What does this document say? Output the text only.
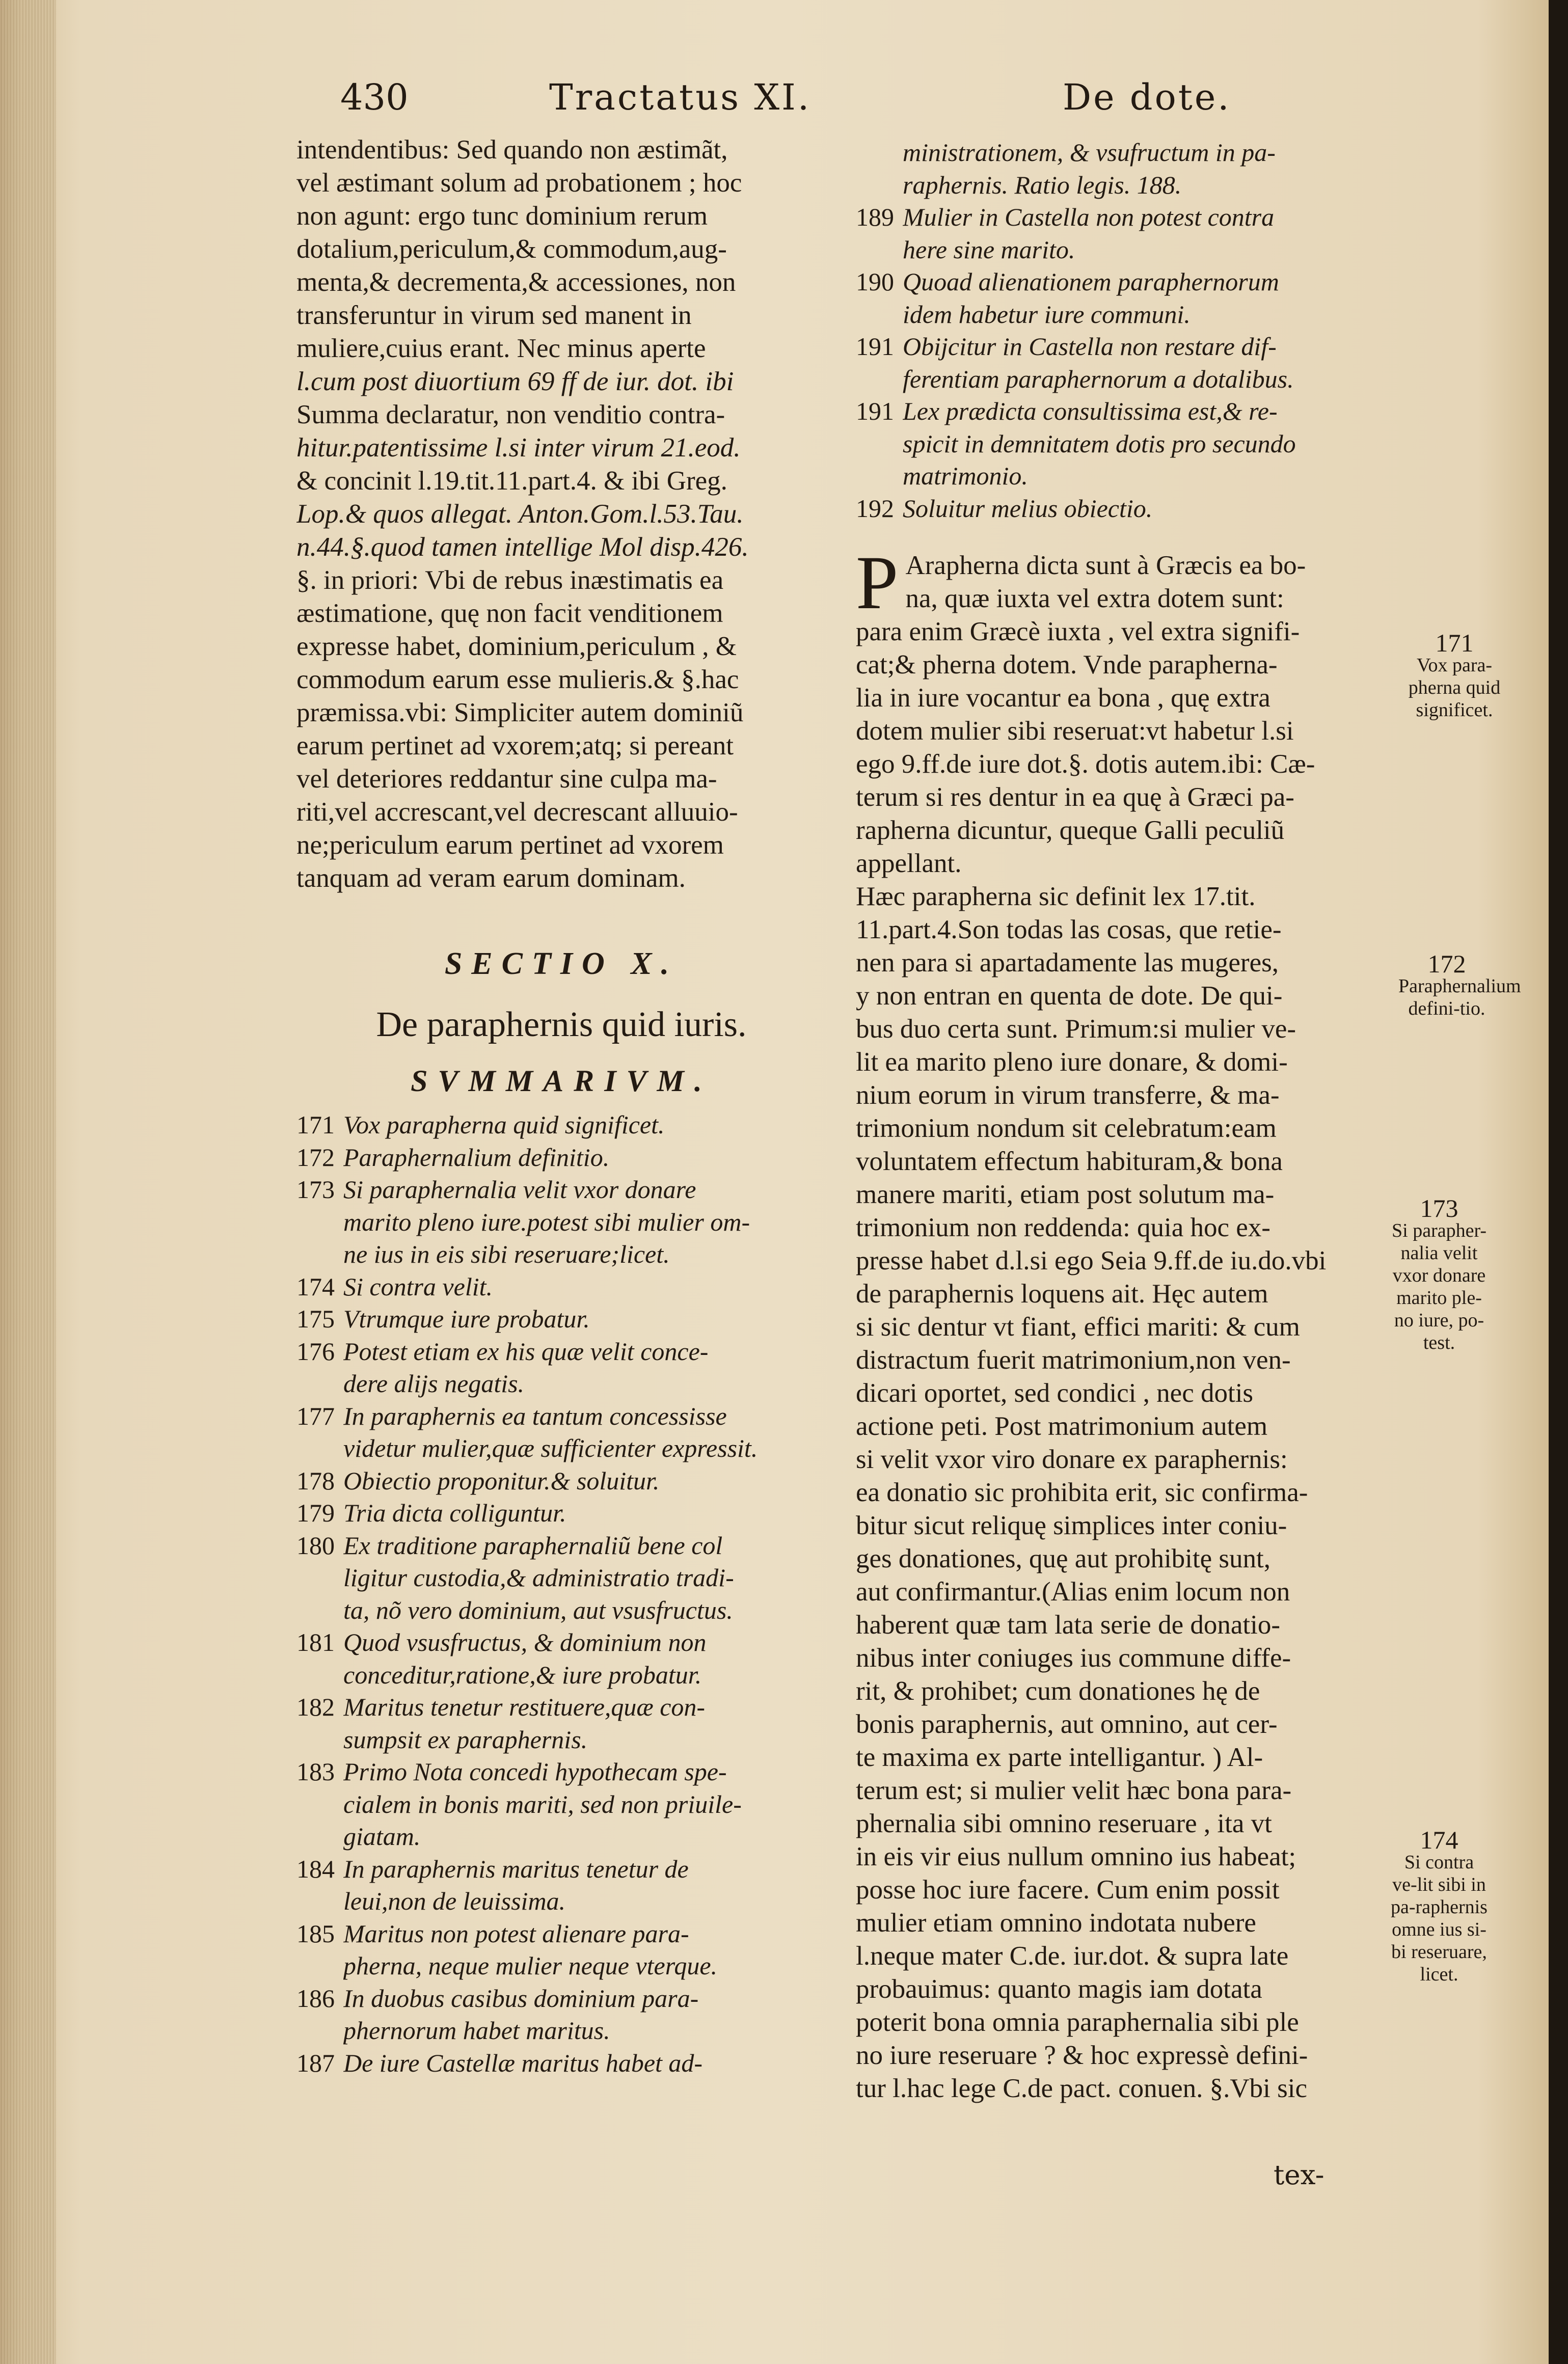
430	Tractatus XI.	De dote.
intendentibus: Sed quando non æstimãt,
vel æstimant solum ad probationem ; hoc
non agunt: ergo tunc dominium rerum
dotalium,periculum,& commodum,aug-
menta,& decrementa,& accessiones, non
transferuntur in virum sed manent in
muliere,cuius erant. Nec minus aperte
l.cum post diuortium 69 ff de iur. dot. ibi
Summa declaratur, non venditio contra-
hitur.patentissime l.si inter virum 21.eod.
& concinit l.19.tit.11.part.4. & ibi Greg.
Lop.& quos allegat. Anton.Gom.l.53.Tau.
n.44.§.quod tamen intellige Mol disp.426.
§. in priori: Vbi de rebus inæstimatis ea
æstimatione, quę non facit venditionem
expresse habet, dominium,periculum , &
commodum earum esse mulieris.& §.hac
præmissa.vbi: Simpliciter autem dominiũ
earum pertinet ad vxorem;atq; si pereant
vel deteriores reddantur sine culpa ma-
riti,vel accrescant,vel decrescant alluuio-
ne;periculum earum pertinet ad vxorem
tanquam ad veram earum dominam.
SECTIO X.
De paraphernis quid iuris.
SVMMARIVM.
171 Vox paraphernа quid significet.
172 Paraphernalium definitio.
173 Si paraphernalia velit vxor donare
marito pleno iure.potest sibi mulier om-
ne ius in eis sibi reseruare;licet.
174 Si contra velit.
175 Vtrumque iure probatur.
176 Potest etiam ex his quæ velit conce-
dere alijs negatis.
177 In paraphernis ea tantum concessisse
videtur mulier,quæ sufficienter expressit.
178 Obiectio proponitur.& soluitur.
179 Tria dicta colliguntur.
180 Ex traditione paraphernaliũ bene col
ligitur custodia,& administratio tradi-
ta, nõ vero dominium, aut vsusfructus.
181 Quod vsusfructus, & dominium non
conceditur,ratione,& iure probatur.
182 Maritus tenetur restituere,quæ con-
sumpsit ex paraphernis.
183 Primo Nota concedi hypothecam spe-
cialem in bonis mariti, sed non priuile-
giatam.
184 In paraphernis maritus tenetur de
leui,non de leuissima.
185 Maritus non potest alienare para-
pherna, neque mulier neque vterque.
186 In duobus casibus dominium para-
phernorum habet maritus.
187 De iure Castellæ maritus habet ad-
ministrationem, & vsufructum in pa-
raphernis. Ratio legis. 188.
189 Mulier in Castella non potest contra
here sine marito.
190 Quoad alienationem paraphernorum
idem habetur iure communi.
191 Obijcitur in Castella non restare dif-
ferentiam paraphernorum a dotalibus.
191 Lex prædicta consultissima est,& re-
spicit in demnitatem dotis pro secundo
matrimonio.
192 Soluitur melius obiectio.
P Arapherna dicta sunt à Græcis ea bo-
na, quæ iuxta vel extra dotem sunt:
para enim Græcè iuxta , vel extra signifi-
cat;& pherna dotem. Vnde paraphernа-
lia in iure vocantur ea bona , quę extra
dotem mulier sibi reseruat:vt habetur l.si
ego 9.ff.de iure dot.§. dotis autem.ibi: Cæ-
terum si res dentur in ea quę à Græci pa-
rapherna dicuntur, queque Galli peculiũ
appellant.
Hæc parapherna sic definit lex 17.tit.
11.part.4.Son todas las cosas, que retie-
nen para si apartadamente las mugeres,
y non entran en quenta de dote. De qui-
bus duo certa sunt. Primum:si mulier ve-
lit ea marito pleno iure donare, & domi-
nium eorum in virum transferre, & ma-
trimonium nondum sit celebratum:eam
voluntatem effectum habituram,& bona
manere mariti, etiam post solutum ma-
trimonium non reddenda: quia hoc ex-
presse habet d.l.si ego Seia 9.ff.de iu.do.vbi
de paraphernis loquens ait. Hęc autem
si sic dentur vt fiant, effici mariti: & cum
distractum fuerit matrimonium,non ven-
dicari oportet, sed condici , nec dotis
actione peti. Post matrimonium autem
si velit vxor viro donare ex paraphernis:
ea donatio sic prohibita erit, sic confirma-
bitur sicut reliquę simplices inter coniu-
ges donationes, quę aut prohibitę sunt,
aut confirmantur.(Alias enim locum non
haberent quæ tam lata serie de donatio-
nibus inter coniuges ius commune diffe-
rit, & prohibet; cum donationes hę de
bonis paraphernis, aut omnino, aut cer-
te maxima ex parte intelligantur. ) Al-
terum est; si mulier velit hæc bona para-
phernalia sibi omnino reseruare , ita vt
in eis vir eius nullum omnino ius habeat;
posse hoc iure facere. Cum enim possit
mulier etiam omnino indotata nubere
l.neque mater C.de. iur.dot. & supra late
probauimus: quanto magis iam dotata
poterit bona omnia paraphernalia sibi ple
no iure reseruare ? & hoc expressè defini-
tur l.hac lege C.de pact. conuen. §.Vbi sic
171
Vox para-pherna quid significet.
172
Paraphernalium defini-tio.
173
Si parapher-nalia velit vxor donare marito ple-no iure, po-test.
174
Si contra ve-lit sibi in pa-raphernis omne ius si-bi reseruare, licet.
tex-
